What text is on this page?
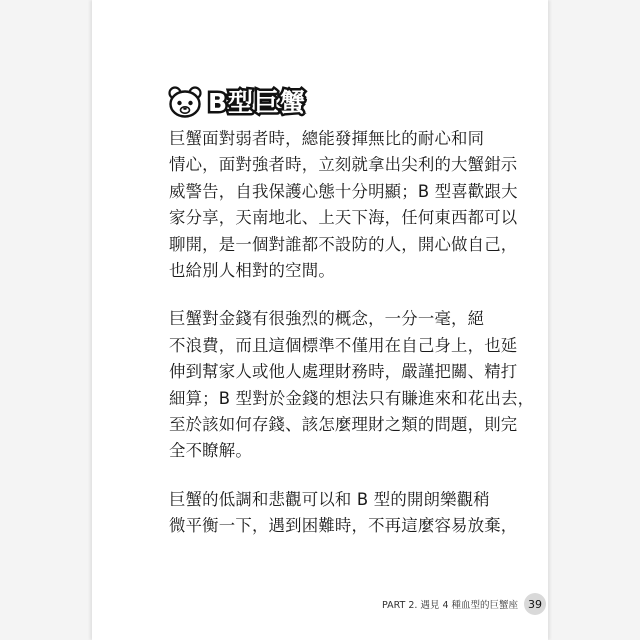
B型巨蟹

巨蟹面對弱者時，總能發揮無比的耐心和同
情心，面對強者時，立刻就拿出尖利的大蟹鉗示
威警告，自我保護心態十分明顯；B 型喜歡跟大
家分享，天南地北、上天下海，任何東西都可以
聊開，是一個對誰都不設防的人，開心做自己，
也給別人相對的空間。

巨蟹對金錢有很強烈的概念，一分一毫，絕
不浪費，而且這個標準不僅用在自己身上，也延
伸到幫家人或他人處理財務時，嚴謹把關、精打
細算；B 型對於金錢的想法只有賺進來和花出去，
至於該如何存錢、該怎麼理財之類的問題，則完
全不瞭解。

巨蟹的低調和悲觀可以和 B 型的開朗樂觀稍
微平衡一下，遇到困難時，不再這麼容易放棄，

PART 2. 遇見 4 種血型的巨蟹座 39
